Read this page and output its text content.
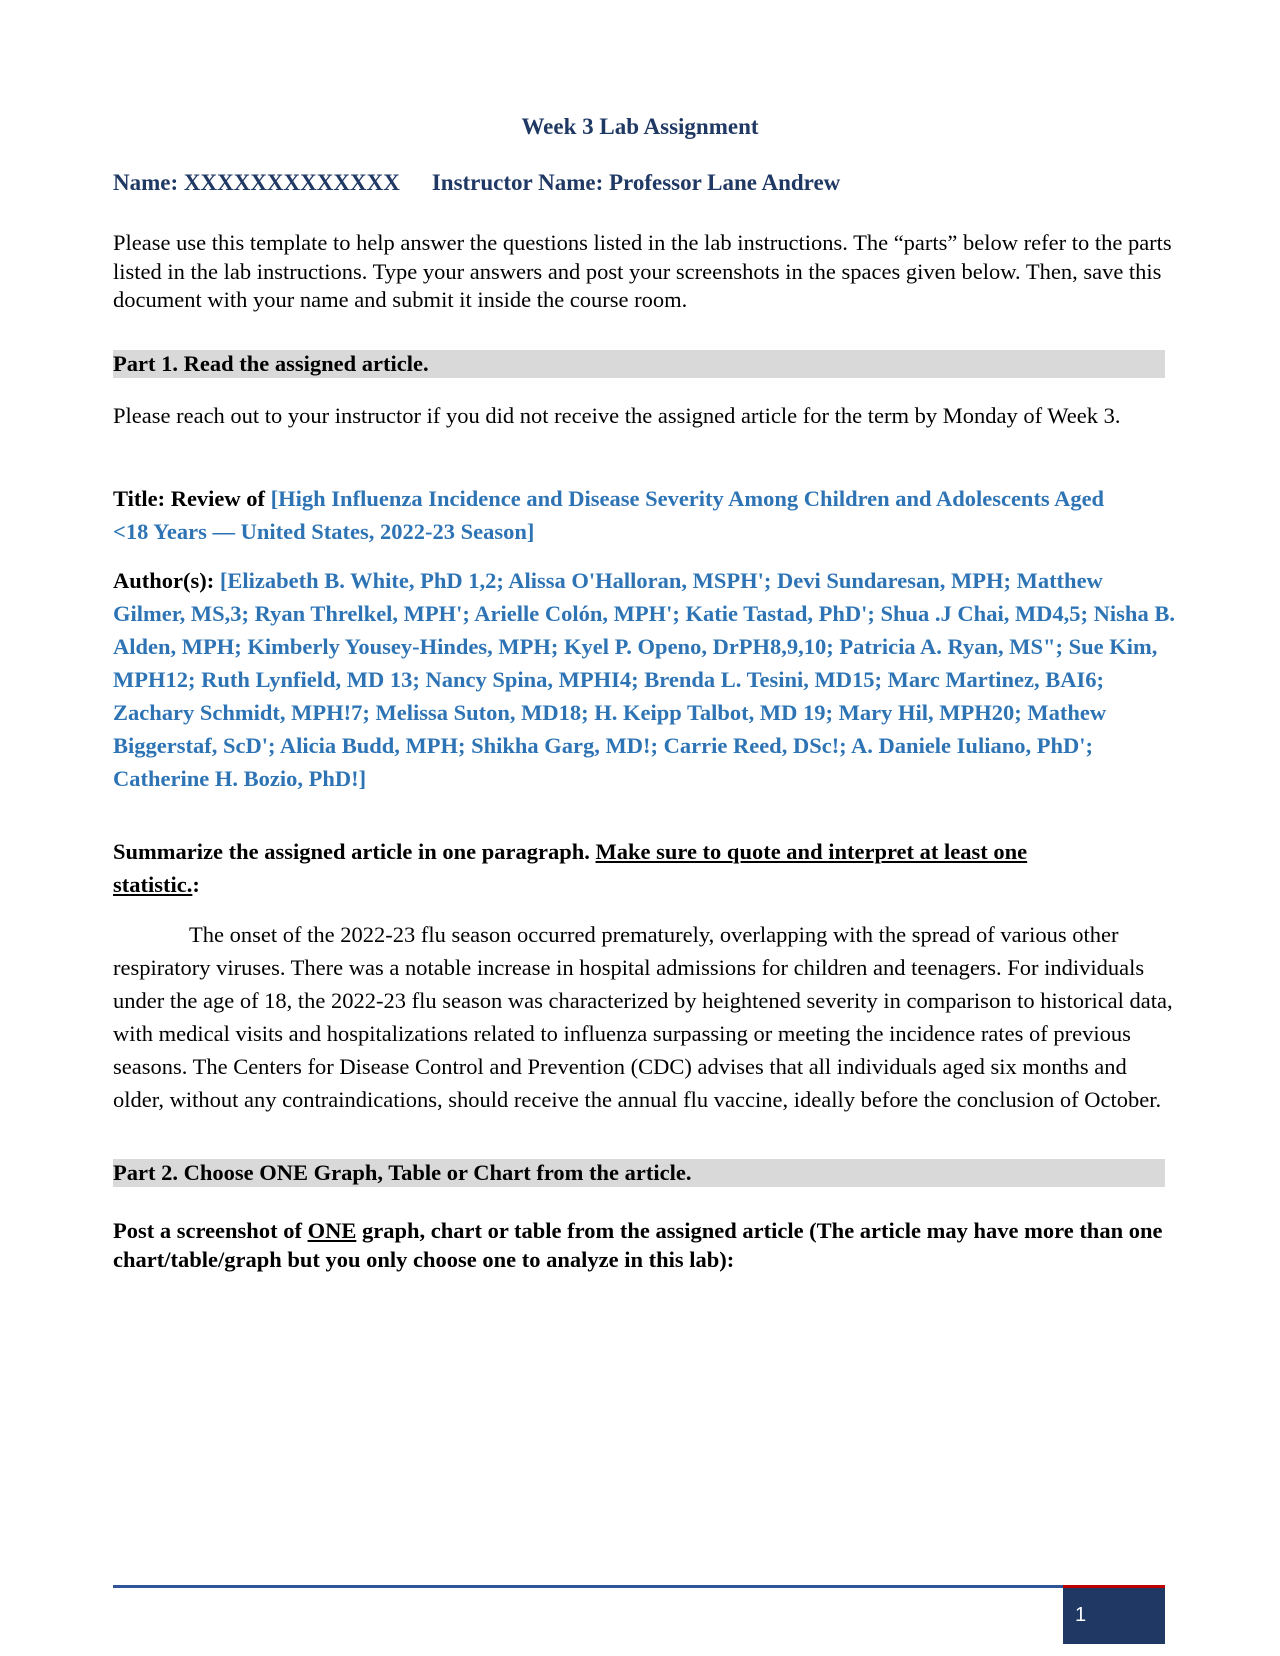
Week 3 Lab Assignment
Name: XXXXXXXXXXXXX Instructor Name: Professor Lane Andrew
Please use this template to help answer the questions listed in the lab instructions. The “parts” below refer to the parts listed in the lab instructions. Type your answers and post your screenshots in the spaces given below. Then, save this document with your name and submit it inside the course room.
Part 1. Read the assigned article.
Please reach out to your instructor if you did not receive the assigned article for the term by Monday of Week 3.
Title: Review of [High Influenza Incidence and Disease Severity Among Children and Adolescents Aged <18 Years — United States, 2022-23 Season]
Author(s): [Elizabeth B. White, PhD 1,2; Alissa O'Halloran, MSPH'; Devi Sundaresan, MPH; Matthew Gilmer, MS,3; Ryan Threlkel, MPH'; Arielle Colón, MPH'; Katie Tastad, PhD'; Shua .J Chai, MD4,5; Nisha B. Alden, MPH; Kimberly Yousey-Hindes, MPH; Kyel P. Openo, DrPH8,9,10; Patricia A. Ryan, MS"; Sue Kim, MPH12; Ruth Lynfield, MD 13; Nancy Spina, MPHI4; Brenda L. Tesini, MD15; Marc Martinez, BAI6; Zachary Schmidt, MPH!7; Melissa Suton, MD18; H. Keipp Talbot, MD 19; Mary Hil, MPH20; Mathew Biggerstaf, ScD'; Alicia Budd, MPH; Shikha Garg, MD!; Carrie Reed, DSc!; A. Daniele Iuliano, PhD'; Catherine H. Bozio, PhD!]
Summarize the assigned article in one paragraph. Make sure to quote and interpret at least one statistic.:
The onset of the 2022-23 flu season occurred prematurely, overlapping with the spread of various other respiratory viruses. There was a notable increase in hospital admissions for children and teenagers. For individuals under the age of 18, the 2022-23 flu season was characterized by heightened severity in comparison to historical data, with medical visits and hospitalizations related to influenza surpassing or meeting the incidence rates of previous seasons. The Centers for Disease Control and Prevention (CDC) advises that all individuals aged six months and older, without any contraindications, should receive the annual flu vaccine, ideally before the conclusion of October.
Part 2. Choose ONE Graph, Table or Chart from the article.
Post a screenshot of ONE graph, chart or table from the assigned article (The article may have more than one chart/table/graph but you only choose one to analyze in this lab):
1
